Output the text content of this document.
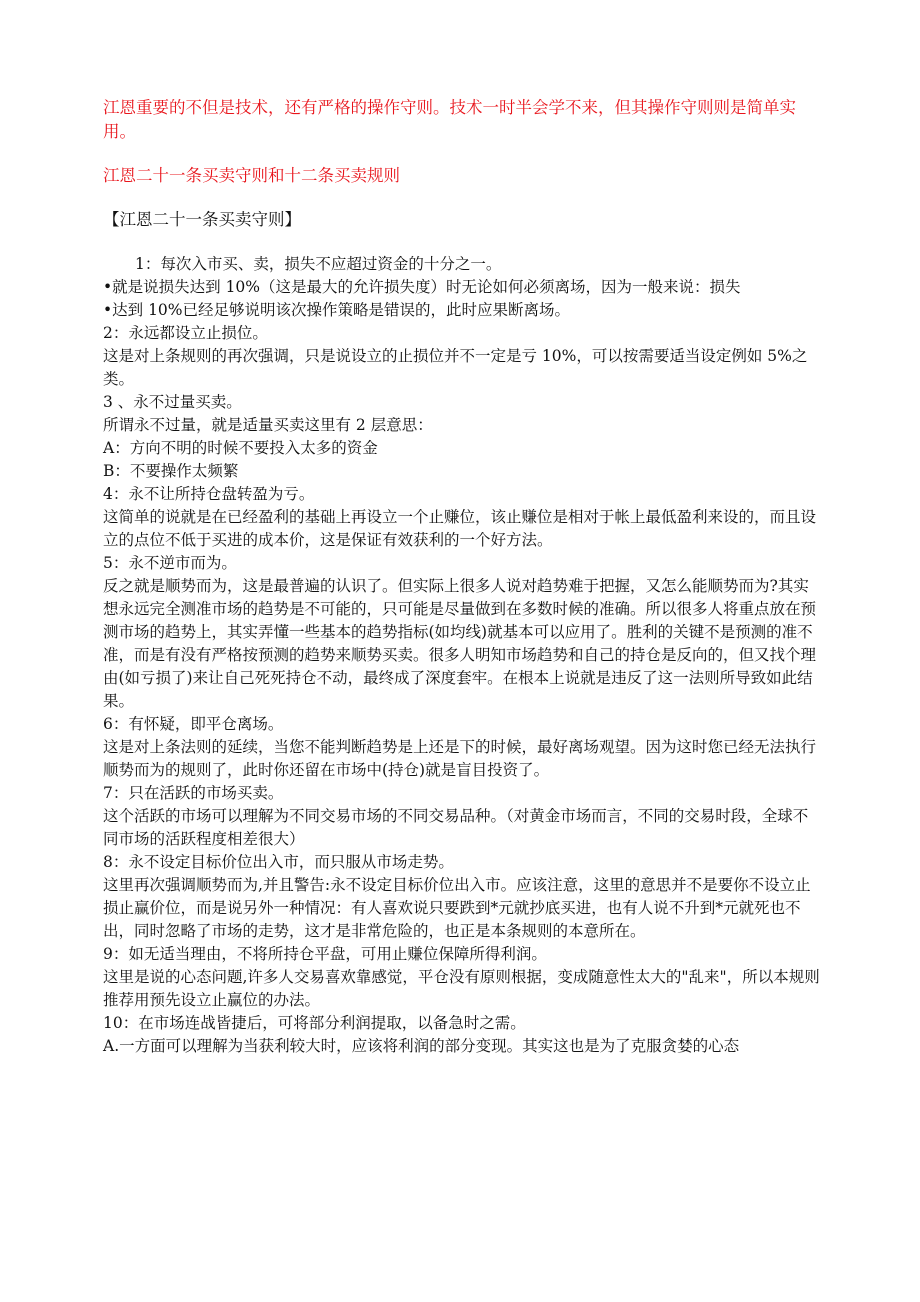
江恩重要的不但是技术，还有严格的操作守则。技术一时半会学不来，但其操作守则则是简单实用。

江恩二十一条买卖守则和十二条买卖规则

【江恩二十一条买卖守则】

1：每次入市买、卖，损失不应超过资金的十分之一。

•就是说损失达到 10%（这是最大的允许损失度）时无论如何必须离场，因为一般来说：损失

•达到 10%已经足够说明该次操作策略是错误的，此时应果断离场。

2：永远都设立止损位。

这是对上条规则的再次强调，只是说设立的止损位并不一定是亏 10%，可以按需要适当设定例如 5%之类。

3 、永不过量买卖。

所谓永不过量，就是适量买卖这里有 2 层意思：

A：方向不明的时候不要投入太多的资金

B：不要操作太频繁

4：永不让所持仓盘转盈为亏。

这简单的说就是在已经盈利的基础上再设立一个止赚位，该止赚位是相对于帐上最低盈利来设的，而且设立的点位不低于买进的成本价，这是保证有效获利的一个好方法。

5：永不逆市而为。

反之就是顺势而为，这是最普遍的认识了。但实际上很多人说对趋势难于把握，又怎么能顺势而为?其实想永远完全测准市场的趋势是不可能的，只可能是尽量做到在多数时候的准确。所以很多人将重点放在预测市场的趋势上，其实弄懂一些基本的趋势指标(如均线)就基本可以应用了。胜利的关键不是预测的准不准，而是有没有严格按预测的趋势来顺势买卖。很多人明知市场趋势和自己的持仓是反向的，但又找个理由(如亏损了)来让自己死死持仓不动，最终成了深度套牢。在根本上说就是违反了这一法则所导致如此结果。

6：有怀疑，即平仓离场。

这是对上条法则的延续，当您不能判断趋势是上还是下的时候，最好离场观望。因为这时您已经无法执行顺势而为的规则了，此时你还留在市场中(持仓)就是盲目投资了。

7：只在活跃的市场买卖。

这个活跃的市场可以理解为不同交易市场的不同交易品种。（对黄金市场而言，不同的交易时段，全球不同市场的活跃程度相差很大）

8：永不设定目标价位出入市，而只服从市场走势。

这里再次强调顺势而为,并且警告:永不设定目标价位出入市。应该注意，这里的意思并不是要你不设立止损止赢价位，而是说另外一种情况：有人喜欢说只要跌到*元就抄底买进，也有人说不升到*元就死也不出，同时忽略了市场的走势，这才是非常危险的，也正是本条规则的本意所在。

9：如无适当理由，不将所持仓平盘，可用止赚位保障所得利润。

这里是说的心态问题,许多人交易喜欢靠感觉，平仓没有原则根据，变成随意性太大的"乱来"，所以本规则推荐用预先设立止赢位的办法。

10：在市场连战皆捷后，可将部分利润提取，以备急时之需。

A.一方面可以理解为当获利较大时，应该将利润的部分变现。其实这也是为了克服贪婪的心态
